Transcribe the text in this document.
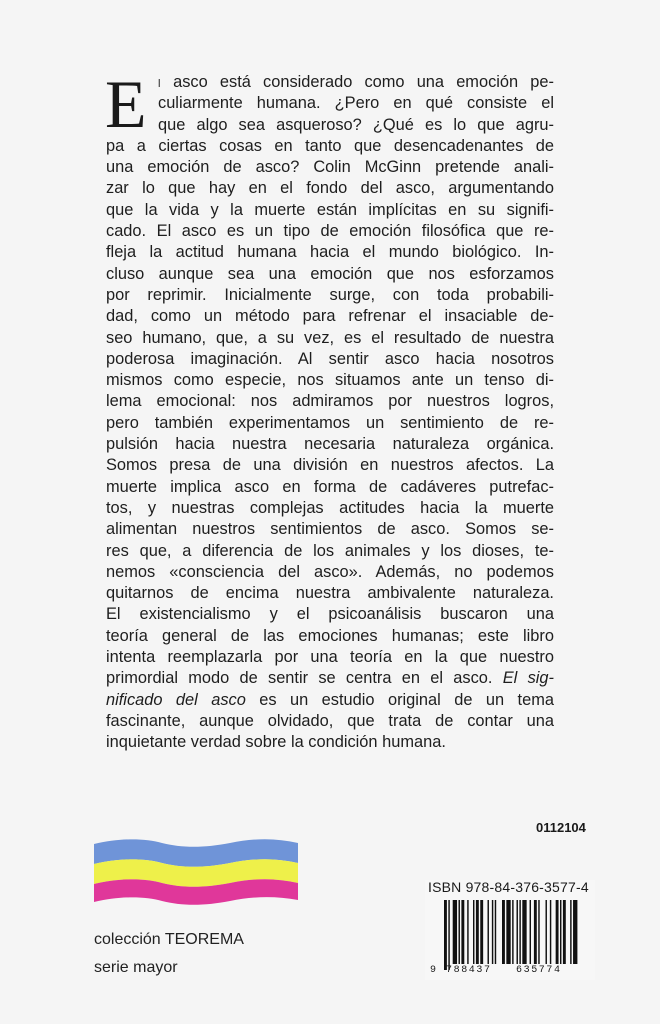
E	l asco está considerado como una emoción pe-
culiarmente humana. ¿Pero en qué consiste el
que algo sea asqueroso? ¿Qué es lo que agru-
pa a ciertas cosas en tanto que desencadenantes de
una emoción de asco? Colin McGinn pretende anali-
zar lo que hay en el fondo del asco, argumentando
que la vida y la muerte están implícitas en su signifi-
cado. El asco es un tipo de emoción filosófica que re-
fleja la actitud humana hacia el mundo biológico. In-
cluso aunque sea una emoción que nos esforzamos
por reprimir. Inicialmente surge, con toda probabili-
dad, como un método para refrenar el insaciable de-
seo humano, que, a su vez, es el resultado de nuestra
poderosa imaginación. Al sentir asco hacia nosotros
mismos como especie, nos situamos ante un tenso di-
lema emocional: nos admiramos por nuestros logros,
pero también experimentamos un sentimiento de re-
pulsión hacia nuestra necesaria naturaleza orgánica.
Somos presa de una división en nuestros afectos. La
muerte implica asco en forma de cadáveres putrefac-
tos, y nuestras complejas actitudes hacia la muerte
alimentan nuestros sentimientos de asco. Somos se-
res que, a diferencia de los animales y los dioses, te-
nemos «consciencia del asco». Además, no podemos
quitarnos de encima nuestra ambivalente naturaleza.
El existencialismo y el psicoanálisis buscaron una
teoría general de las emociones humanas; este libro
intenta reemplazarla por una teoría en la que nuestro
primordial modo de sentir se centra en el asco. El sig-
nificado del asco es un estudio original de un tema
fascinante, aunque olvidado, que trata de contar una
inquietante verdad sobre la condición humana.
0112104
colección TEOREMA
serie mayor
ISBN 978-84-376-3577-4
9 788437 635774
